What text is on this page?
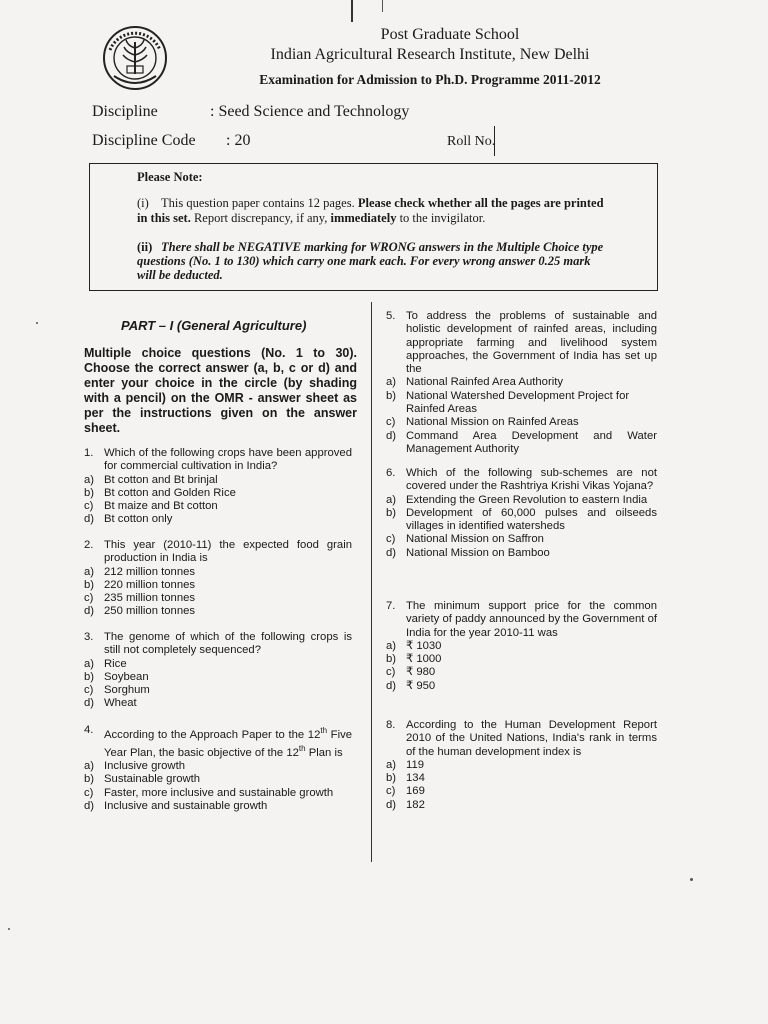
Post Graduate School
Indian Agricultural Research Institute, New Delhi
Examination for Admission to Ph.D. Programme 2011-2012
Discipline	: Seed Science and Technology
Discipline Code : 20	Roll No.
Please Note:
(i) This question paper contains 12 pages. Please check whether all the pages are printed in this set. Report discrepancy, if any, immediately to the invigilator.
(ii) There shall be NEGATIVE marking for WRONG answers in the Multiple Choice type questions (No. 1 to 130) which carry one mark each. For every wrong answer 0.25 mark will be deducted.
PART – I (General Agriculture)
Multiple choice questions (No. 1 to 30). Choose the correct answer (a, b, c or d) and enter your choice in the circle (by shading with a pencil) on the OMR - answer sheet as per the instructions given on the answer sheet.
1. Which of the following crops have been approved for commercial cultivation in India?
a) Bt cotton and Bt brinjal
b) Bt cotton and Golden Rice
c) Bt maize and Bt cotton
d) Bt cotton only
2. This year (2010-11) the expected food grain production in India is
a) 212 million tonnes
b) 220 million tonnes
c) 235 million tonnes
d) 250 million tonnes
3. The genome of which of the following crops is still not completely sequenced?
a) Rice
b) Soybean
c) Sorghum
d) Wheat
4. According to the Approach Paper to the 12th Five Year Plan, the basic objective of the 12th Plan is
a) Inclusive growth
b) Sustainable growth
c) Faster, more inclusive and sustainable growth
d) Inclusive and sustainable growth
5. To address the problems of sustainable and holistic development of rainfed areas, including appropriate farming and livelihood system approaches, the Government of India has set up the
a) National Rainfed Area Authority
b) National Watershed Development Project for Rainfed Areas
c) National Mission on Rainfed Areas
d) Command Area Development and Water Management Authority
6. Which of the following sub-schemes are not covered under the Rashtriya Krishi Vikas Yojana?
a) Extending the Green Revolution to eastern India
b) Development of 60,000 pulses and oilseeds villages in identified watersheds
c) National Mission on Saffron
d) National Mission on Bamboo
7. The minimum support price for the common variety of paddy announced by the Government of India for the year 2010-11 was
a) ₹ 1030
b) ₹ 1000
c) ₹ 980
d) ₹ 950
8. According to the Human Development Report 2010 of the United Nations, India's rank in terms of the human development index is
a) 119
b) 134
c) 169
d) 182
